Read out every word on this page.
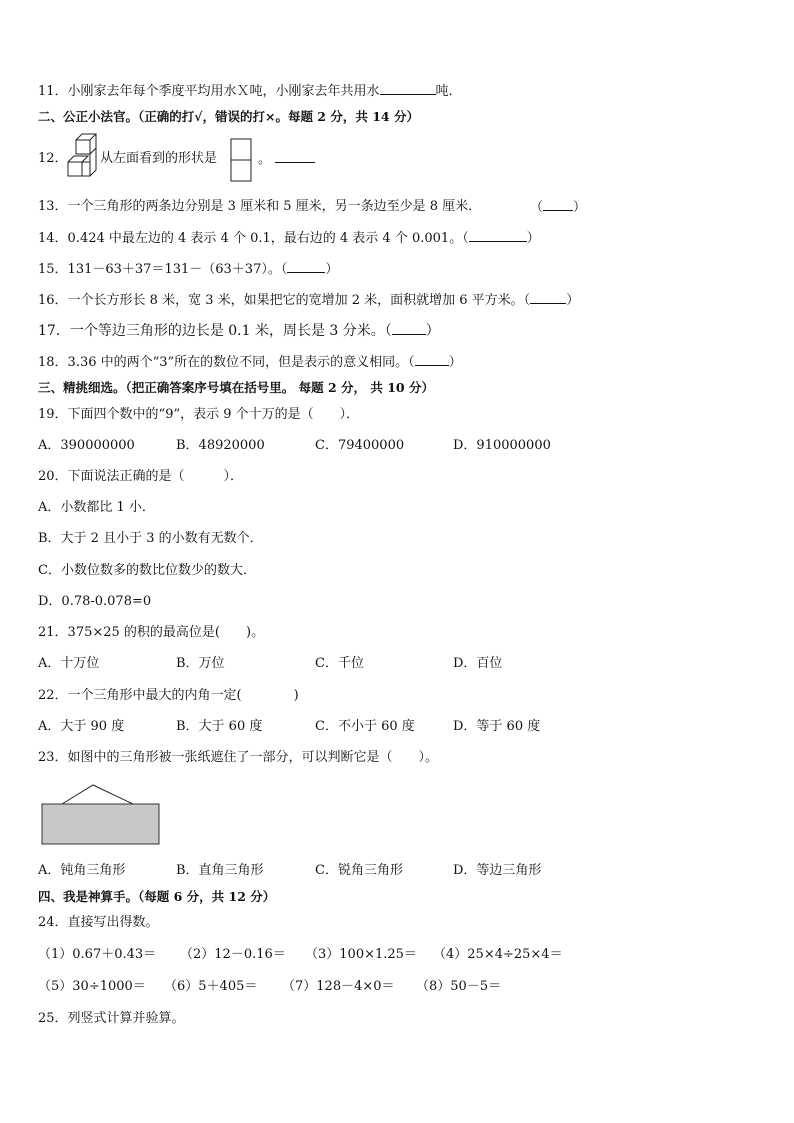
11．小刚家去年每个季度平均用水Ｘ吨，小刚家去年共用水	吨．
二、公正小法官。（正确的打√，错误的打×。每题 2 分，共 14 分）
12． 从左面看到的形状是	。
13．一个三角形的两条边分别是 3 厘米和 5 厘米，另一条边至少是 8 厘米．	（ ）
14．0.424 中最左边的 4 表示 4 个 0.1，最右边的 4 表示 4 个 0.001。（	）
15．131－63＋37＝131－（63＋37）。（	）
16．一个长方形长 8 米，宽 3 米，如果把它的宽增加 2 米，面积就增加 6 平方米。（	）
17．一个等边三角形的边长是 0.1 米，周长是 3 分米。（ ）
18．3.36 中的两个“3”所在的数位不同，但是表示的意义相同。（	）
三、精挑细选。（把正确答案序号填在括号里。 每题 2 分， 共 10 分）
19．下面四个数中的“9”，表示 9 个十万的是（　　）．
A．390000000	B．48920000	C．79400000	D．910000000
20．下面说法正确的是（　　　）．
A．小数都比 1 小．
B．大于 2 且小于 3 的小数有无数个．
C．小数位数多的数比位数少的数大．
D．0.78-0.078=0
21．375×25 的积的最高位是(　　)。
A．十万位	B．万位	C．千位	D．百位
22．一个三角形中最大的内角一定(　　　　)
A．大于 90 度	B．大于 60 度	C．不小于 60 度	D．等于 60 度
23．如图中的三角形被一张纸遮住了一部分，可以判断它是（　　）。
A．钝角三角形	B．直角三角形	C．锐角三角形	D．等边三角形
四、我是神算手。（每题 6 分，共 12 分）
24．直接写出得数。
（1）0.67＋0.43＝ （2）12－0.16＝ （3）100×1.25＝ （4）25×4÷25×4＝
（5）30÷1000＝ （6）5＋405＝ （7）128－4×0＝ （8）50－5＝
25．列竖式计算并验算。
